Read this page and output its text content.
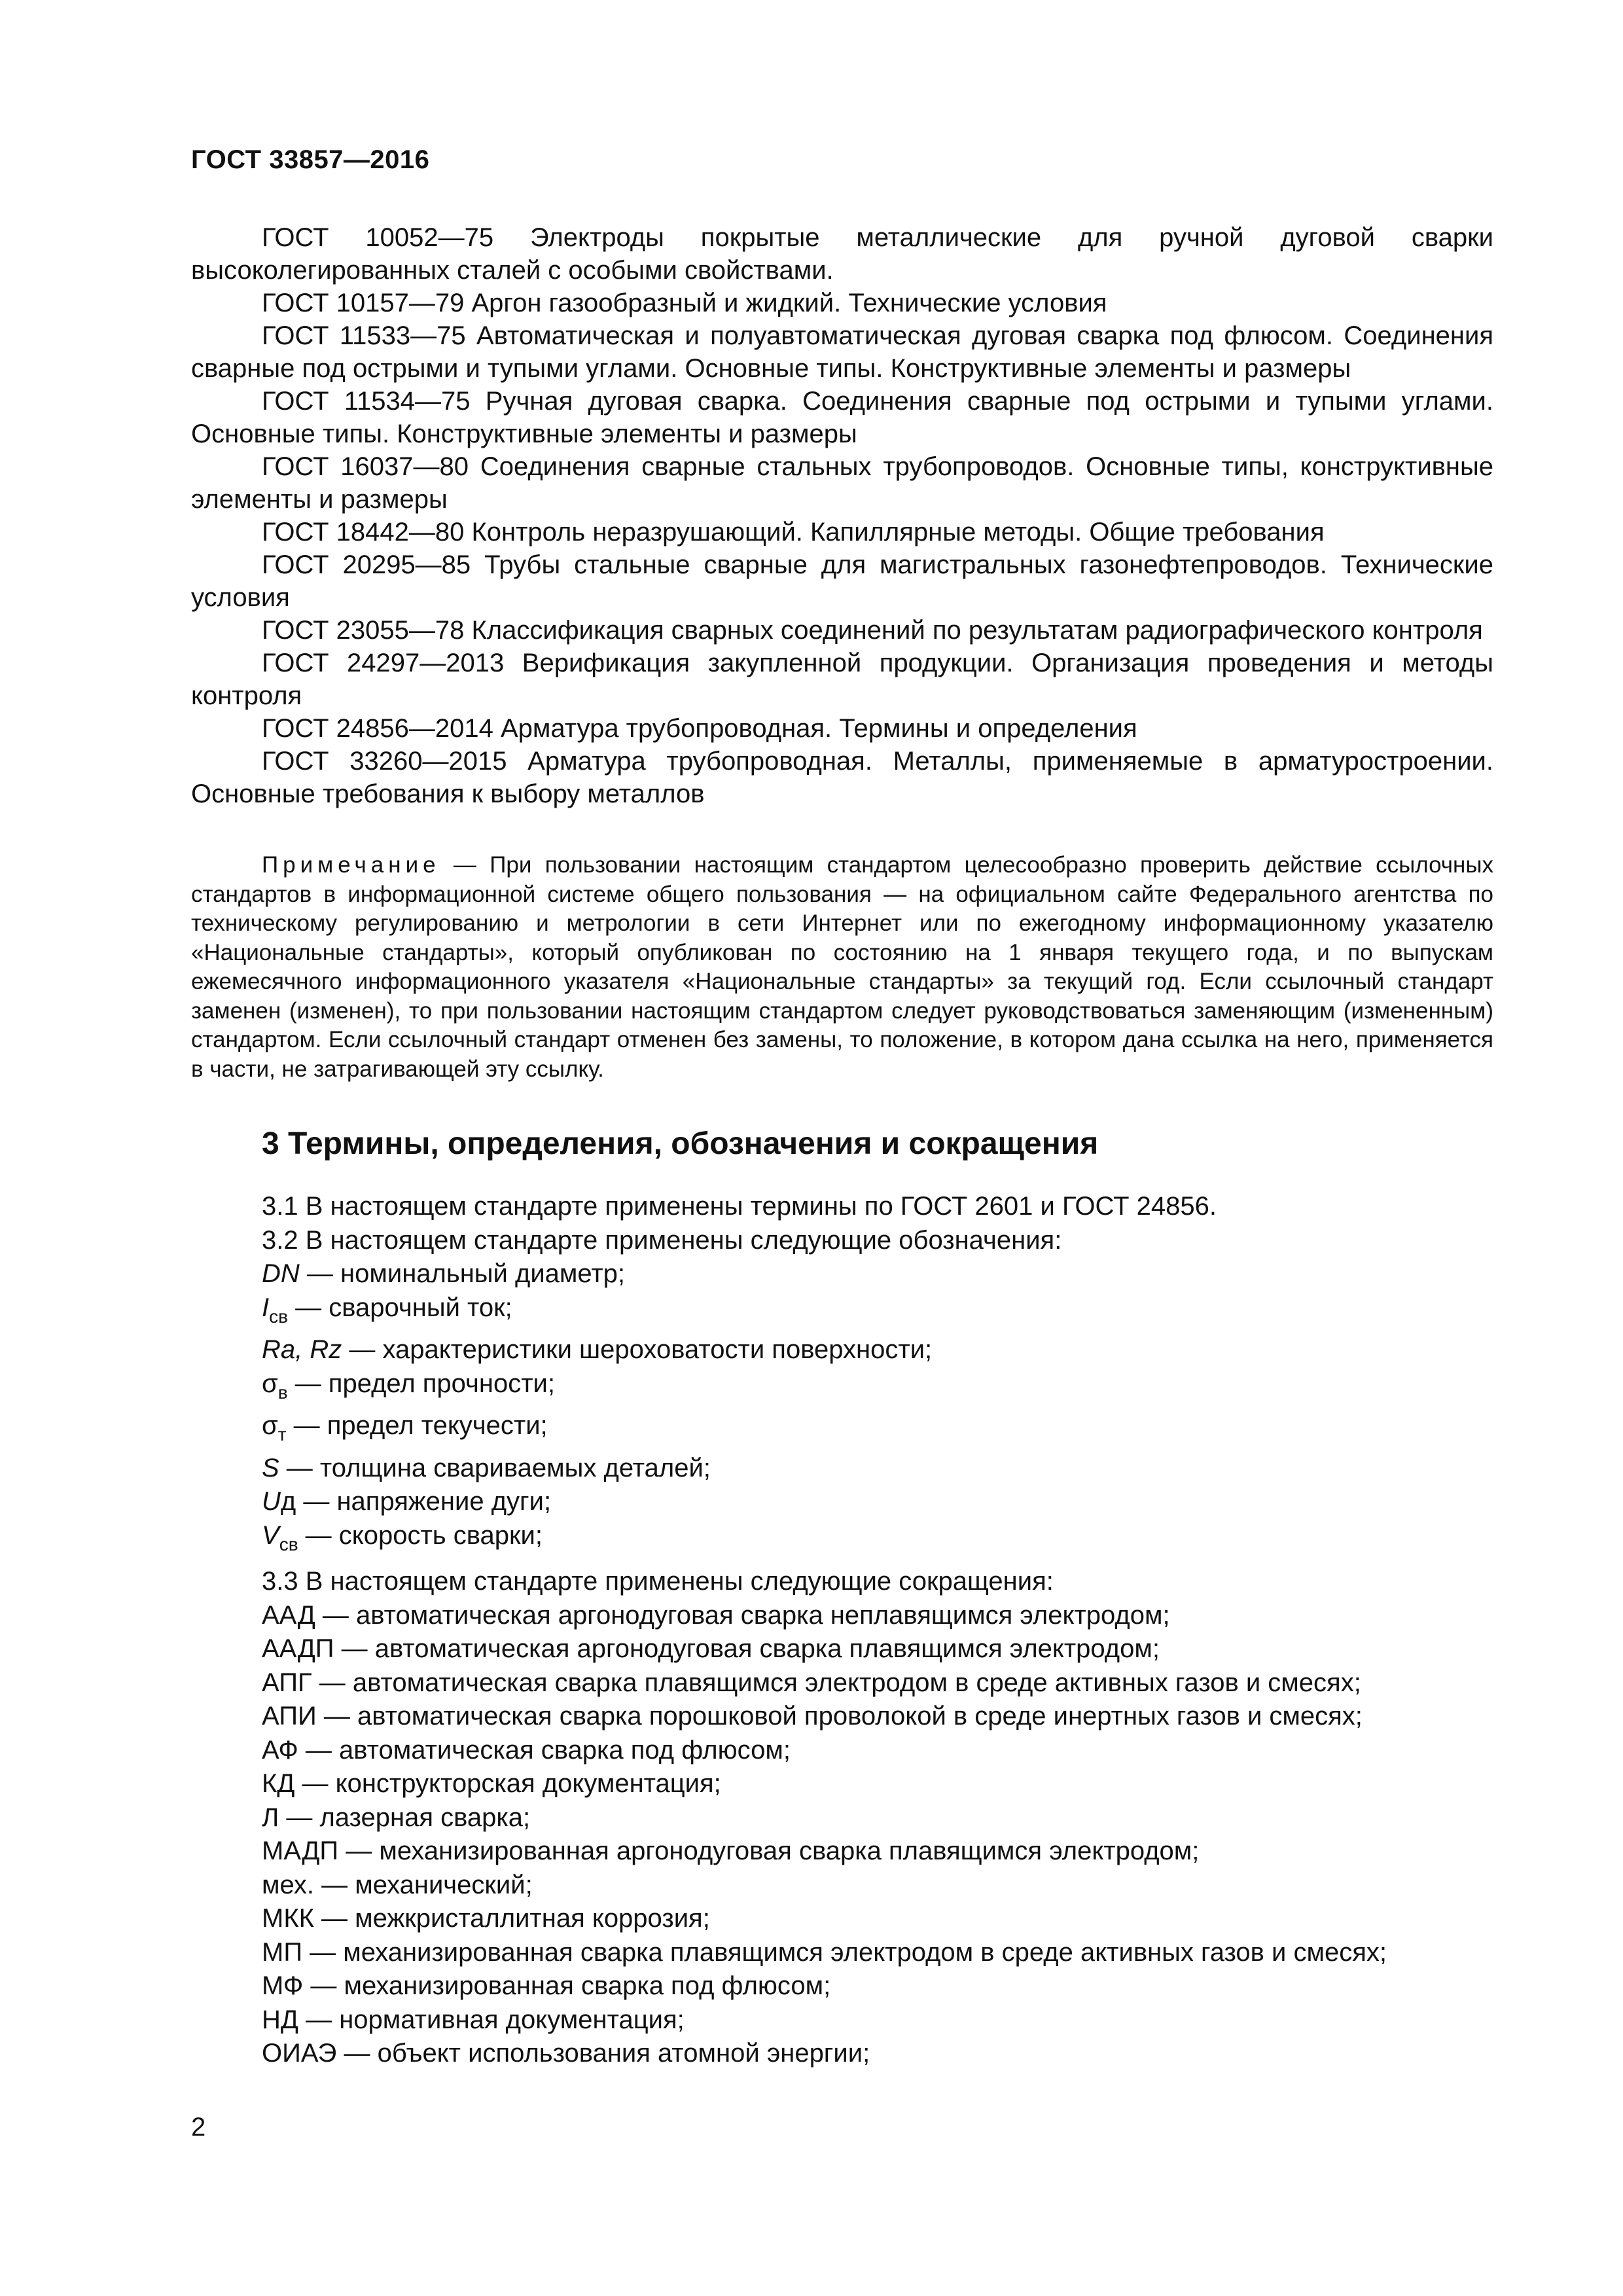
ГОСТ 33857—2016

ГОСТ 10052—75 Электроды покрытые металлические для ручной дуговой сварки высоколегированных сталей с особыми свойствами.

ГОСТ 10157—79 Аргон газообразный и жидкий. Технические условия

ГОСТ 11533—75 Автоматическая и полуавтоматическая дуговая сварка под флюсом. Соединения сварные под острыми и тупыми углами. Основные типы. Конструктивные элементы и размеры

ГОСТ 11534—75 Ручная дуговая сварка. Соединения сварные под острыми и тупыми углами. Основные типы. Конструктивные элементы и размеры

ГОСТ 16037—80 Соединения сварные стальных трубопроводов. Основные типы, конструктивные элементы и размеры

ГОСТ 18442—80 Контроль неразрушающий. Капиллярные методы. Общие требования

ГОСТ 20295—85 Трубы стальные сварные для магистральных газонефтепроводов. Технические условия

ГОСТ 23055—78 Классификация сварных соединений по результатам радиографического контроля

ГОСТ 24297—2013 Верификация закупленной продукции. Организация проведения и методы контроля

ГОСТ 24856—2014 Арматура трубопроводная. Термины и определения

ГОСТ 33260—2015 Арматура трубопроводная. Металлы, применяемые в арматуростроении. Основные требования к выбору металлов

Примечание — При пользовании настоящим стандартом целесообразно проверить действие ссылочных стандартов в информационной системе общего пользования — на официальном сайте Федерального агентства по техническому регулированию и метрологии в сети Интернет или по ежегодному информационному указателю «Национальные стандарты», который опубликован по состоянию на 1 января текущего года, и по выпускам ежемесячного информационного указателя «Национальные стандарты» за текущий год. Если ссылочный стандарт заменен (изменен), то при пользовании настоящим стандартом следует руководствоваться заменяющим (измененным) стандартом. Если ссылочный стандарт отменен без замены, то положение, в котором дана ссылка на него, применяется в части, не затрагивающей эту ссылку.

3 Термины, определения, обозначения и сокращения

3.1 В настоящем стандарте применены термины по ГОСТ 2601 и ГОСТ 24856.

3.2 В настоящем стандарте применены следующие обозначения:

DN — номинальный диаметр;

$I_{св}$ — сварочный ток;

Ra, Rz — характеристики шероховатости поверхности;

$\sigma_в$ — предел прочности;

$\sigma_т$ — предел текучести;

S — толщина свариваемых деталей;

Uд — напряжение дуги;

$V_{св}$ — скорость сварки;

3.3 В настоящем стандарте применены следующие сокращения:

ААД — автоматическая аргонодуговая сварка неплавящимся электродом;

ААДП — автоматическая аргонодуговая сварка плавящимся электродом;

АПГ — автоматическая сварка плавящимся электродом в среде активных газов и смесях;

АПИ — автоматическая сварка порошковой проволокой в среде инертных газов и смесях;

АФ — автоматическая сварка под флюсом;

КД — конструкторская документация;

Л — лазерная сварка;

МАДП — механизированная аргонодуговая сварка плавящимся электродом;

мех. — механический;

МКК — межкристаллитная коррозия;

МП — механизированная сварка плавящимся электродом в среде активных газов и смесях;

МФ — механизированная сварка под флюсом;

НД — нормативная документация;

ОИАЭ — объект использования атомной энергии;

2
